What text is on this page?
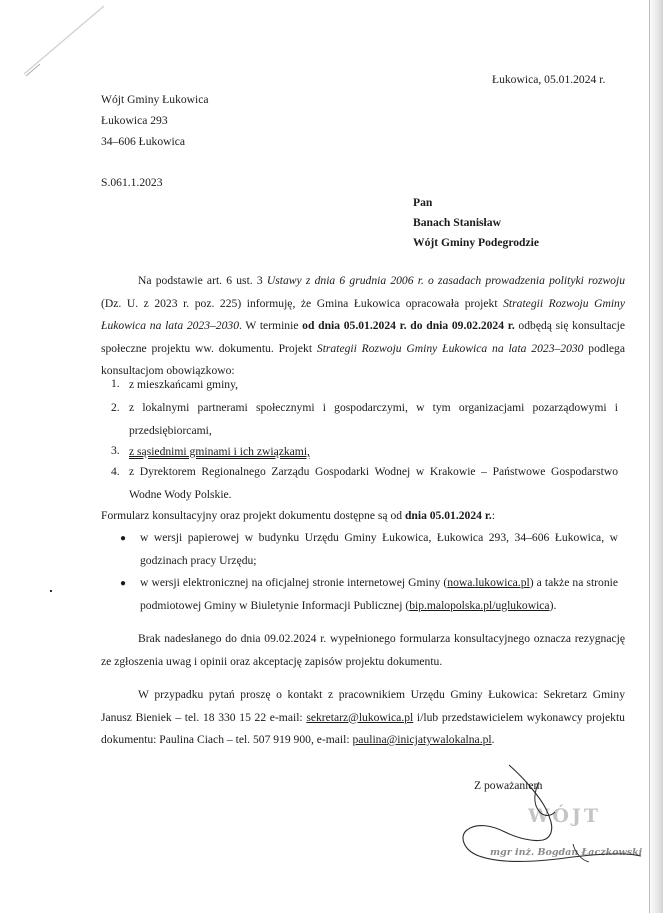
Łukowica, 05.01.2024 r.
Wójt Gminy Łukowica
Łukowica 293
34–606 Łukowica
S.061.1.2023
Pan
Banach Stanisław
Wójt Gminy Podegrodzie
Na podstawie art. 6 ust. 3 Ustawy z dnia 6 grudnia 2006 r. o zasadach prowadzenia polityki rozwoju (Dz. U. z 2023 r. poz. 225) informuję, że Gmina Łukowica opracowała projekt Strategii Rozwoju Gminy Łukowica na lata 2023–2030. W terminie od dnia 05.01.2024 r. do dnia 09.02.2024 r. odbędą się konsultacje społeczne projektu ww. dokumentu. Projekt Strategii Rozwoju Gminy Łukowica na lata 2023–2030 podlega konsultacjom obowiązkowo:
1. z mieszkańcami gminy,
2. z lokalnymi partnerami społecznymi i gospodarczymi, w tym organizacjami pozarządowymi i przedsiębiorcami,
3. z sąsiednimi gminami i ich związkami,
4. z Dyrektorem Regionalnego Zarządu Gospodarki Wodnej w Krakowie – Państwowe Gospodarstwo Wodne Wody Polskie.
Formularz konsultacyjny oraz projekt dokumentu dostępne są od dnia 05.01.2024 r.:
● w wersji papierowej w budynku Urzędu Gminy Łukowica, Łukowica 293, 34–606 Łukowica, w godzinach pracy Urzędu;
● w wersji elektronicznej na oficjalnej stronie internetowej Gminy (nowa.lukowica.pl) a także na stronie podmiotowej Gminy w Biuletynie Informacji Publicznej (bip.malopolska.pl/uglukowica).
Brak nadesłanego do dnia 09.02.2024 r. wypełnionego formularza konsultacyjnego oznacza rezygnację ze zgłoszenia uwag i opinii oraz akceptację zapisów projektu dokumentu.
W przypadku pytań proszę o kontakt z pracownikiem Urzędu Gminy Łukowica: Sekretarz Gminy Janusz Bieniek – tel. 18 330 15 22 e-mail: sekretarz@lukowica.pl i/lub przedstawicielem wykonawcy projektu dokumentu: Paulina Ciach – tel. 507 919 900, e-mail: paulina@inicjatywalokalna.pl.
Z poważaniem
WÓJT
mgr inż. Bogdan Łaczkowski
